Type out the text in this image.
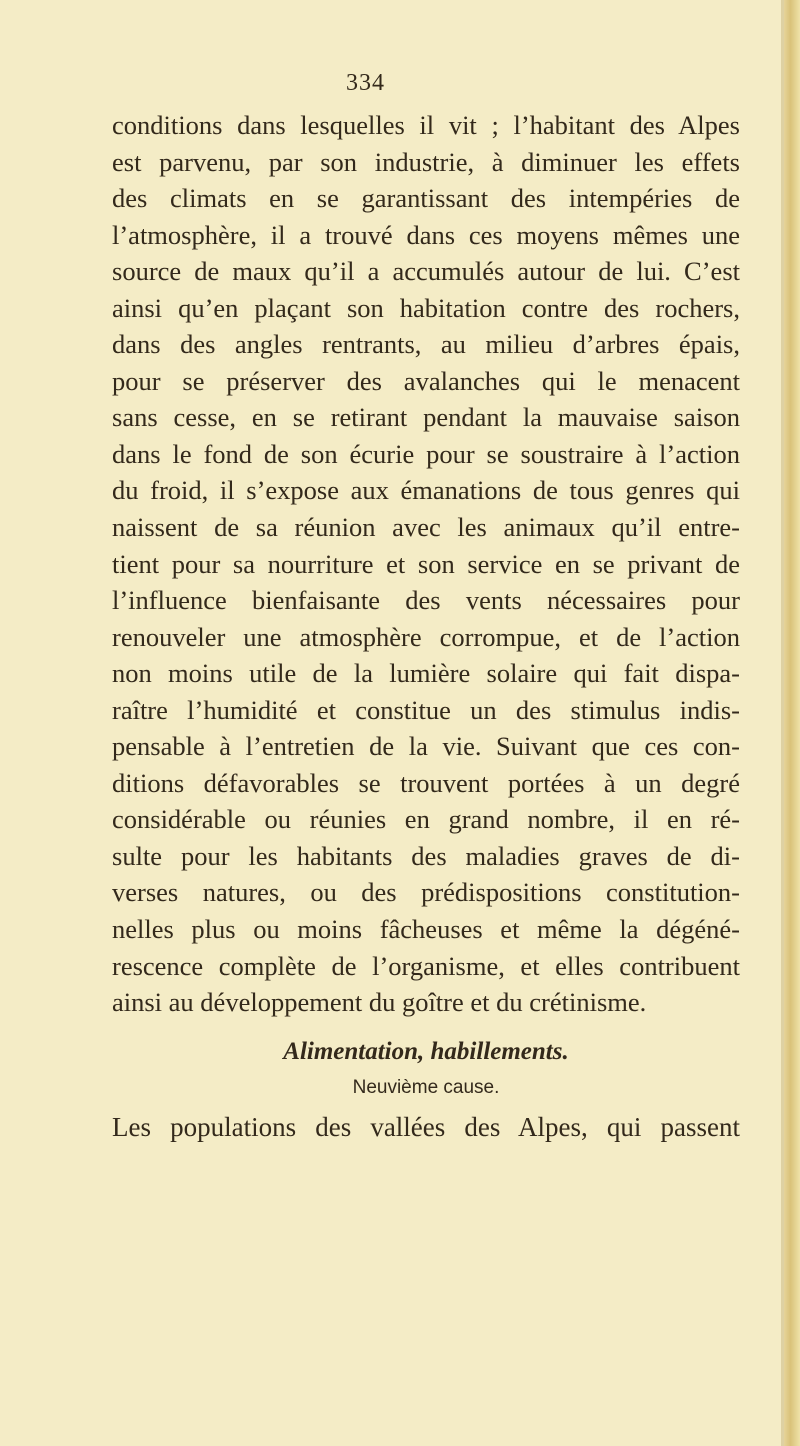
334
conditions dans lesquelles il vit ; l’habitant des Alpes
est parvenu, par son industrie, à diminuer les effets
des climats en se garantissant des intempéries de
l’atmosphère, il a trouvé dans ces moyens mêmes une
source de maux qu’il a accumulés autour de lui. C’est
ainsi qu’en plaçant son habitation contre des rochers,
dans des angles rentrants, au milieu d’arbres épais,
pour se préserver des avalanches qui le menacent
sans cesse, en se retirant pendant la mauvaise saison
dans le fond de son écurie pour se soustraire à l’action
du froid, il s’expose aux émanations de tous genres qui
naissent de sa réunion avec les animaux qu’il entre-
tient pour sa nourriture et son service en se privant de
l’influence bienfaisante des vents nécessaires pour
renouveler une atmosphère corrompue, et de l’action
non moins utile de la lumière solaire qui fait dispa-
raître l’humidité et constitue un des stimulus indis-
pensable à l’entretien de la vie. Suivant que ces con-
ditions défavorables se trouvent portées à un degré
considérable ou réunies en grand nombre, il en ré-
sulte pour les habitants des maladies graves de di-
verses natures, ou des prédispositions constitution-
nelles plus ou moins fâcheuses et même la dégéné-
rescence complète de l’organisme, et elles contribuent
ainsi au développement du goître et du crétinisme.
Alimentation, habillements.
Neuvième cause.
Les populations des vallées des Alpes, qui passent
